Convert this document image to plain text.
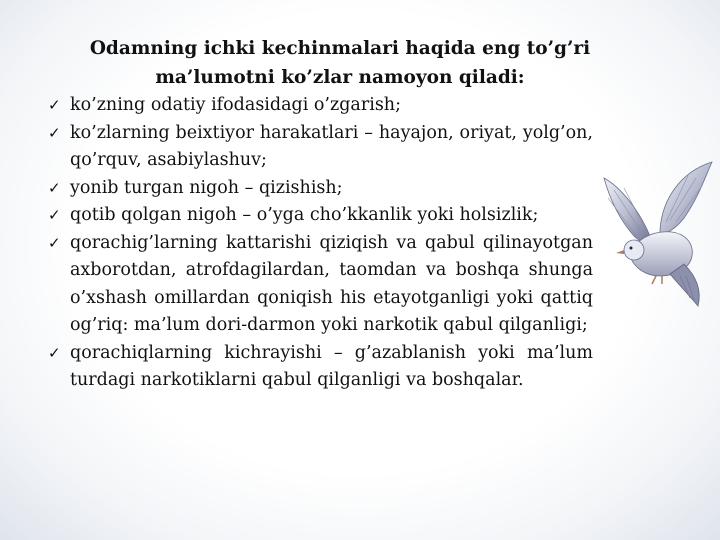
Odamning ichki kechinmalari haqida eng to’g’ri
ma’lumotni ko’zlar namoyon qiladi:
✓ ko’zning odatiy ifodasidagi o’zgarish;
✓ ko’zlarning beixtiyor harakatlari – hayajon, oriyat, yolg’on, qo’rquv, asabiylashuv;
✓ yonib turgan nigoh – qizishish;
✓ qotib qolgan nigoh – o’yga cho’kkanlik yoki holsizlik;
✓ qorachig’larning kattarishi qiziqish va qabul qilinayotgan axborotdan, atrofdagilardan, taomdan va boshqa shunga o’xshash omillardan qoniqish his etayotganligi yoki qattiq og’riq: ma’lum dori-darmon yoki narkotik qabul qilganligi;
✓ qorachiqlarning kichrayishi – g’azablanish yoki ma’lum turdagi narkotiklarni qabul qilganligi va boshqalar.
